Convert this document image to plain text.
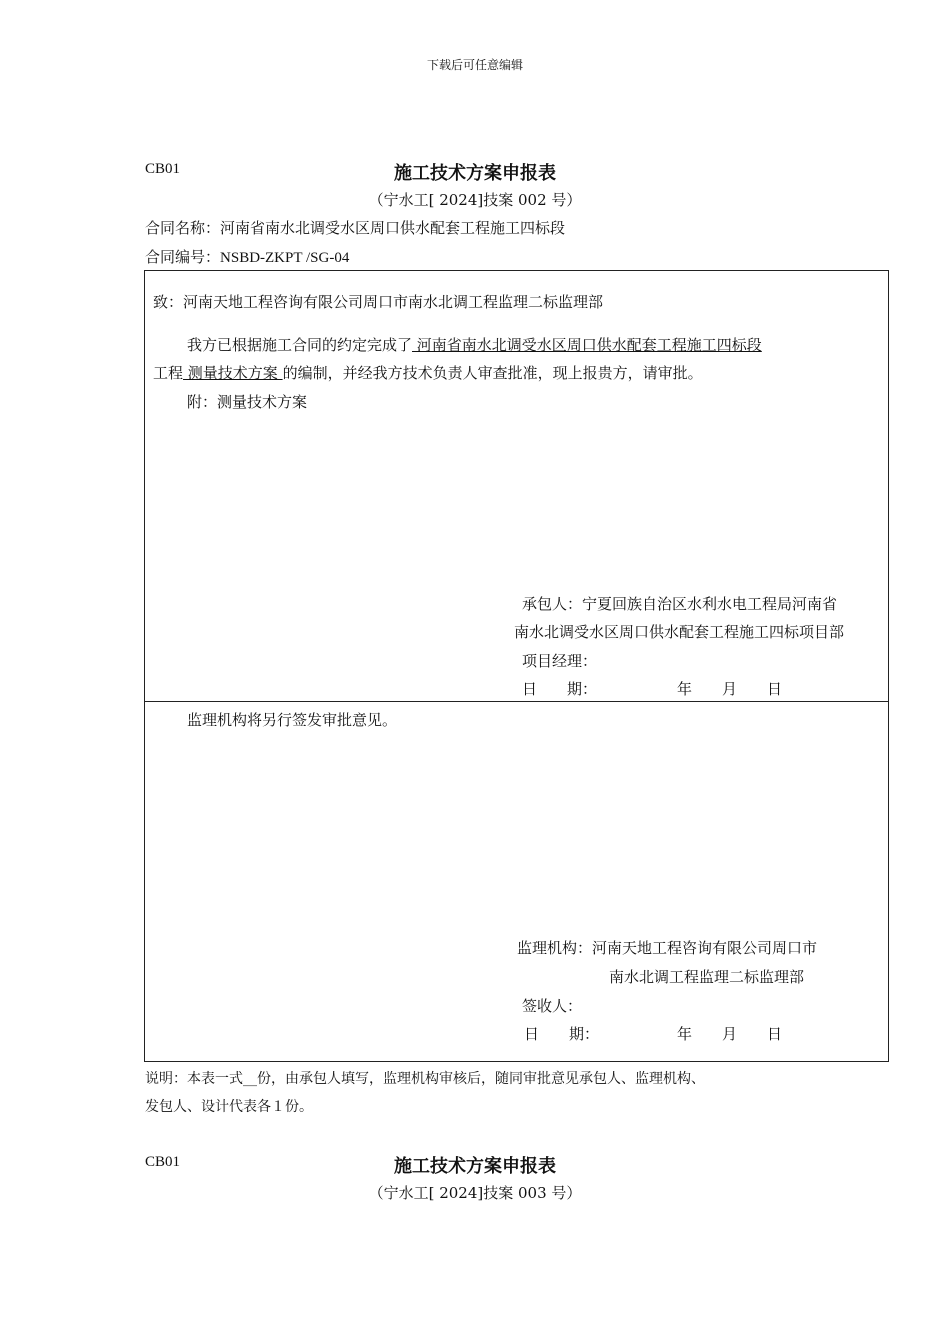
下载后可任意编辑
CB01	施工技术方案申报表
（宁水工[ 2024]技案 002 号）
合同名称：河南省南水北调受水区周口供水配套工程施工四标段
合同编号：NSBD-ZKPT /SG-04
致：河南天地工程咨询有限公司周口市南水北调工程监理二标监理部
我方已根据施工合同的约定完成了 河南省南水北调受水区周口供水配套工程施工四标段
工程 测量技术方案 的编制，并经我方技术负责人审查批准，现上报贵方，请审批。
附：测量技术方案
承包人：宁夏回族自治区水利水电工程局河南省
南水北调受水区周口供水配套工程施工四标项目部
项目经理：
日　　期：	年　　月　　日
监理机构将另行签发审批意见。
监理机构：河南天地工程咨询有限公司周口市
南水北调工程监理二标监理部
签收人：
日　　期：	年　　月　　日
说明：本表一式__份，由承包人填写，监理机构审核后，随同审批意见承包人、监理机构、
发包人、设计代表各１份。
CB01	施工技术方案申报表
（宁水工[ 2024]技案 003 号）
